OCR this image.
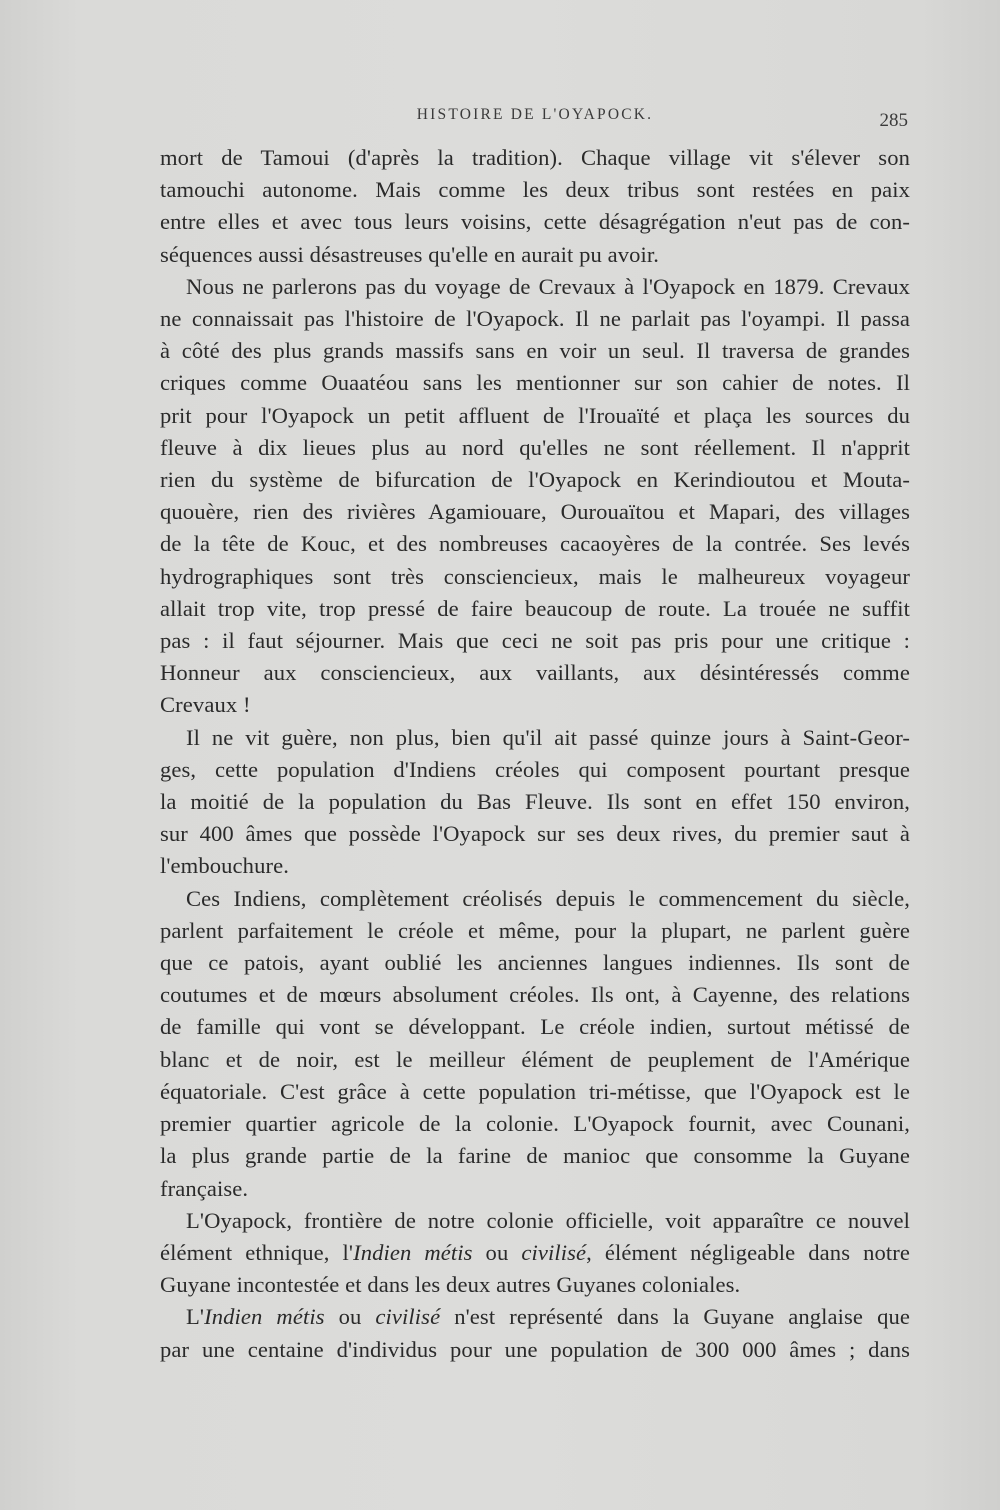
HISTOIRE DE L'OYAPOCK.	285

mort de Tamoui (d'après la tradition). Chaque village vit s'élever son
tamouchi autonome. Mais comme les deux tribus sont restées en paix
entre elles et avec tous leurs voisins, cette désagrégation n'eut pas de con-
séquences aussi désastreuses qu'elle en aurait pu avoir.

Nous ne parlerons pas du voyage de Crevaux à l'Oyapock en 1879. Crevaux
ne connaissait pas l'histoire de l'Oyapock. Il ne parlait pas l'oyampi. Il passa
à côté des plus grands massifs sans en voir un seul. Il traversa de grandes
criques comme Ouaatéou sans les mentionner sur son cahier de notes. Il
prit pour l'Oyapock un petit affluent de l'Irouaïté et plaça les sources du
fleuve à dix lieues plus au nord qu'elles ne sont réellement. Il n'apprit
rien du système de bifurcation de l'Oyapock en Kerindioutou et Mouta-
quouère, rien des rivières Agamiouare, Ourouaïtou et Mapari, des villages
de la tête de Kouc, et des nombreuses cacaoyères de la contrée. Ses levés
hydrographiques sont très consciencieux, mais le malheureux voyageur
allait trop vite, trop pressé de faire beaucoup de route. La trouée ne suffit
pas : il faut séjourner. Mais que ceci ne soit pas pris pour une critique :
Honneur aux consciencieux, aux vaillants, aux désintéressés comme
Crevaux !

Il ne vit guère, non plus, bien qu'il ait passé quinze jours à Saint-Geor-
ges, cette population d'Indiens créoles qui composent pourtant presque
la moitié de la population du Bas Fleuve. Ils sont en effet 150 environ,
sur 400 âmes que possède l'Oyapock sur ses deux rives, du premier saut à
l'embouchure.

Ces Indiens, complètement créolisés depuis le commencement du siècle,
parlent parfaitement le créole et même, pour la plupart, ne parlent guère
que ce patois, ayant oublié les anciennes langues indiennes. Ils sont de
coutumes et de mœurs absolument créoles. Ils ont, à Cayenne, des relations
de famille qui vont se développant. Le créole indien, surtout métissé de
blanc et de noir, est le meilleur élément de peuplement de l'Amérique
équatoriale. C'est grâce à cette population tri-métisse, que l'Oyapock est le
premier quartier agricole de la colonie. L'Oyapock fournit, avec Counani,
la plus grande partie de la farine de manioc que consomme la Guyane
française.

L'Oyapock, frontière de notre colonie officielle, voit apparaître ce nouvel
élément ethnique, l'Indien métis ou civilisé, élément négligeable dans notre
Guyane incontestée et dans les deux autres Guyanes coloniales.

L'Indien métis ou civilisé n'est représenté dans la Guyane anglaise que
par une centaine d'individus pour une population de 300 000 âmes ; dans
